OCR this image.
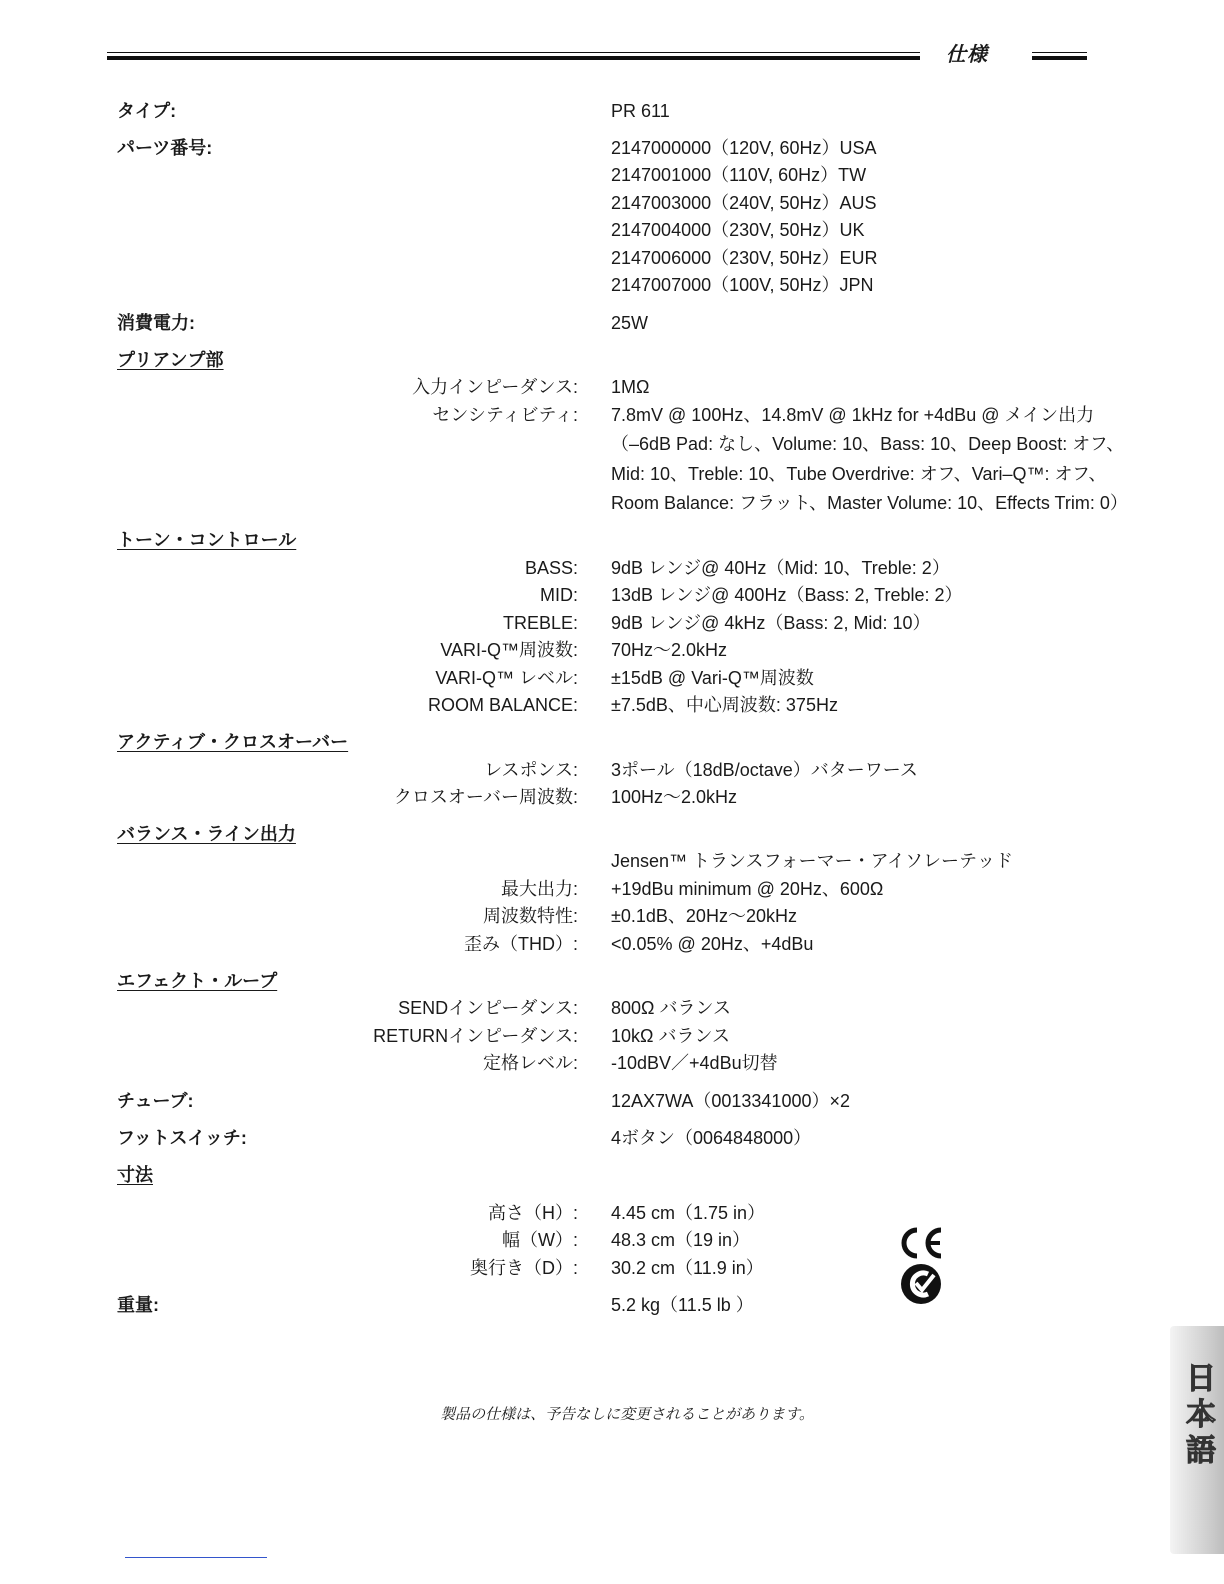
仕様
タイプ:	PR 611
パーツ番号:	2147000000（120V, 60Hz）USA
2147001000（110V, 60Hz）TW
2147003000（240V, 50Hz）AUS
2147004000（230V, 50Hz）UK
2147006000（230V, 50Hz）EUR
2147007000（100V, 50Hz）JPN
消費電力:	25W
プリアンプ部
入力インピーダンス: 1MΩ
センシティビティ: 7.8mV @ 100Hz、14.8mV @ 1kHz for +4dBu @ メイン出力
（–6dB Pad: なし、Volume: 10、Bass: 10、Deep Boost: オフ、
Mid: 10、Treble: 10、Tube Overdrive: オフ、Vari–Q™: オフ、
Room Balance: フラット、Master Volume: 10、Effects Trim: 0）
トーン・コントロール
BASS: 9dB レンジ@ 40Hz（Mid: 10、Treble: 2）
MID: 13dB レンジ@ 400Hz（Bass: 2, Treble: 2）
TREBLE: 9dB レンジ@ 4kHz（Bass: 2, Mid: 10）
VARI-Q™周波数: 70Hz～2.0kHz
VARI-Q™ レベル: ±15dB @ Vari-Q™周波数
ROOM BALANCE: ±7.5dB、中心周波数: 375Hz
アクティブ・クロスオーバー
レスポンス: 3ポール（18dB/octave）バターワース
クロスオーバー周波数: 100Hz～2.0kHz
バランス・ライン出力
Jensen™ トランスフォーマー・アイソレーテッド
最大出力: +19dBu minimum @ 20Hz、600Ω
周波数特性: ±0.1dB、20Hz～20kHz
歪み（THD）: <0.05% @ 20Hz、+4dBu
エフェクト・ループ
SENDインピーダンス: 800Ω バランス
RETURNインピーダンス: 10kΩ バランス
定格レベル: -10dBV／+4dBu切替
チューブ:	12AX7WA（0013341000）×2
フットスイッチ:	4ボタン（0064848000）
寸法
高さ（H）: 4.45 cm（1.75 in）
幅（W）: 48.3 cm（19 in）
奥行き（D）: 30.2 cm（11.9 in）
重量:	5.2 kg（11.5 lb ）
日本語
製品の仕様は、予告なしに変更されることがあります。
